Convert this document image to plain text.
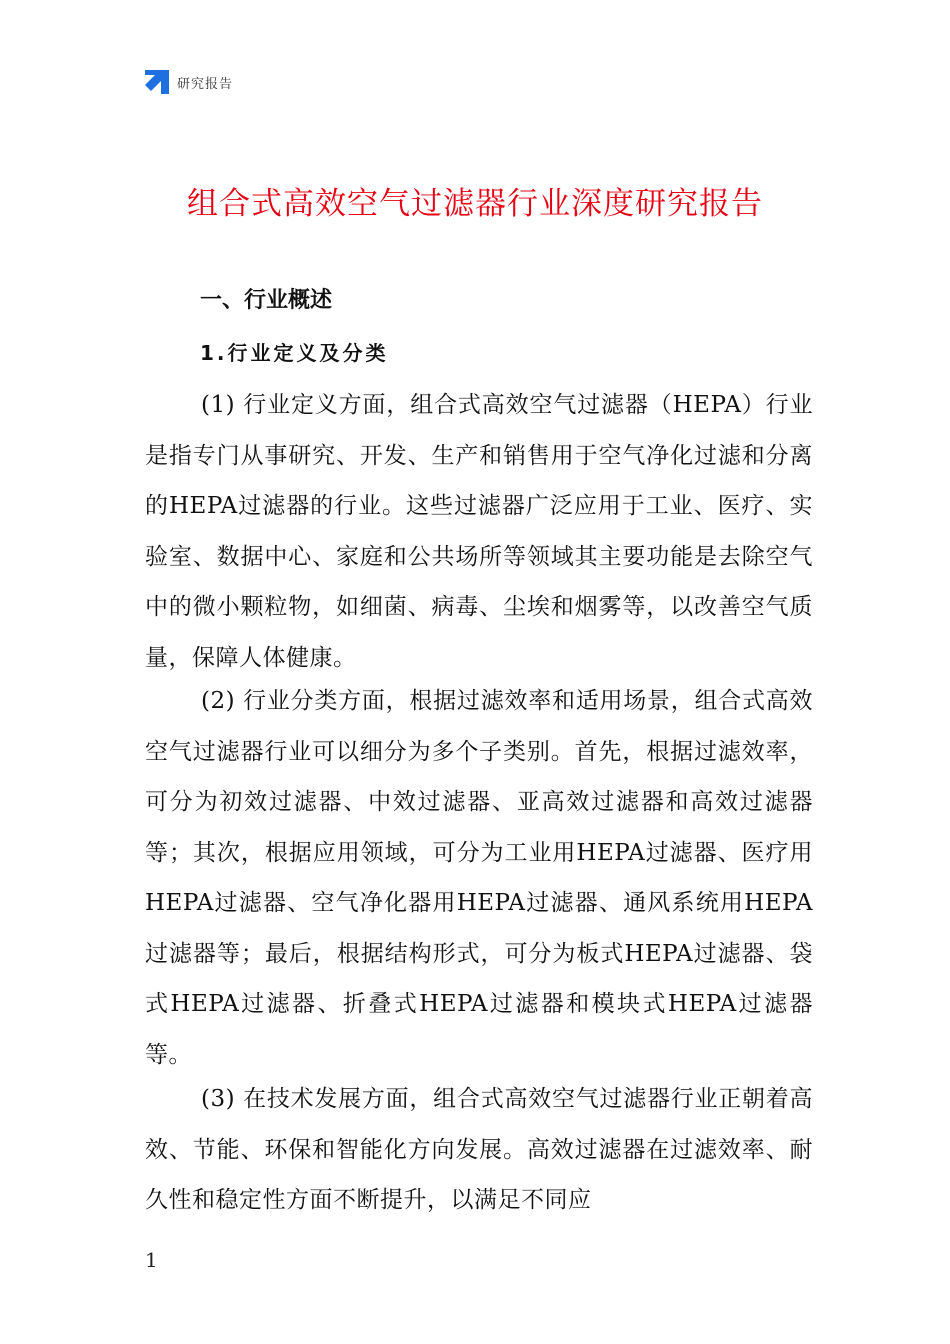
研究报告
组合式高效空气过滤器行业深度研究报告
一、行业概述
1.行业定义及分类

(1) 行业定义方面，组合式高效空气过滤器（HEPA）行业是指专门从事研究、开发、生产和销售用于空气净化过滤和分离的HEPA过滤器的行业。这些过滤器广泛应用于工业、医疗、实验室、数据中心、家庭和公共场所等领域其主要功能是去除空气中的微小颗粒物，如细菌、病毒、尘埃和烟雾等，以改善空气质量，保障人体健康。

(2) 行业分类方面，根据过滤效率和适用场景，组合式高效空气过滤器行业可以细分为多个子类别。首先，根据过滤效率，可分为初效过滤器、中效过滤器、亚高效过滤器和高效过滤器等；其次，根据应用领域，可分为工业用HEPA过滤器、医疗用HEPA过滤器、空气净化器用HEPA过滤器、通风系统用HEPA过滤器等；最后，根据结构形式，可分为板式HEPA过滤器、袋式HEPA过滤器、折叠式HEPA过滤器和模块式HEPA过滤器等。

(3) 在技术发展方面，组合式高效空气过滤器行业正朝着高效、节能、环保和智能化方向发展。高效过滤器在过滤效率、耐久性和稳定性方面不断提升，以满足不同应

1
